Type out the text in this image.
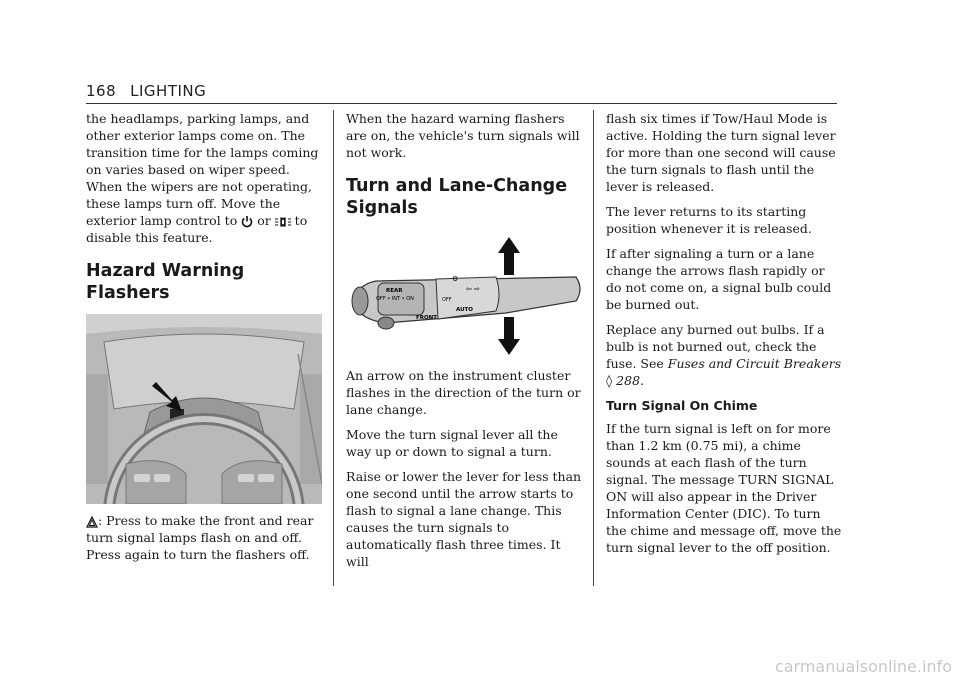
168 LIGHTING

the headlamps, parking lamps, and other exterior lamps come on. The transition time for the lamps coming on varies based on wiper speed. When the wipers are not operating, these lamps turn off. Move the exterior lamp control to or to disable this feature.

Hazard Warning Flashers

: Press to make the front and rear turn signal lamps flash on and off. Press again to turn the flashers off.

When the hazard warning flashers are on, the vehicle's turn signals will not work.

Turn and Lane-Change Signals
REAR
OFF • INT • ON
FRONT
AUTO
OFF
⇦ ⇨
⚙

An arrow on the instrument cluster flashes in the direction of the turn or lane change.

Move the turn signal lever all the way up or down to signal a turn.

Raise or lower the lever for less than one second until the arrow starts to flash to signal a lane change. This causes the turn signals to automatically flash three times. It will

flash six times if Tow/Haul Mode is active. Holding the turn signal lever for more than one second will cause the turn signals to flash until the lever is released.

The lever returns to its starting position whenever it is released.

If after signaling a turn or a lane change the arrows flash rapidly or do not come on, a signal bulb could be burned out.

Replace any burned out bulbs. If a bulb is not burned out, check the fuse. See Fuses and Circuit Breakers ◊ 288.

Turn Signal On Chime

If the turn signal is left on for more than 1.2 km (0.75 mi), a chime sounds at each flash of the turn signal. The message TURN SIGNAL ON will also appear in the Driver Information Center (DIC). To turn the chime and message off, move the turn signal lever to the off position.

carmanualsonline.info
